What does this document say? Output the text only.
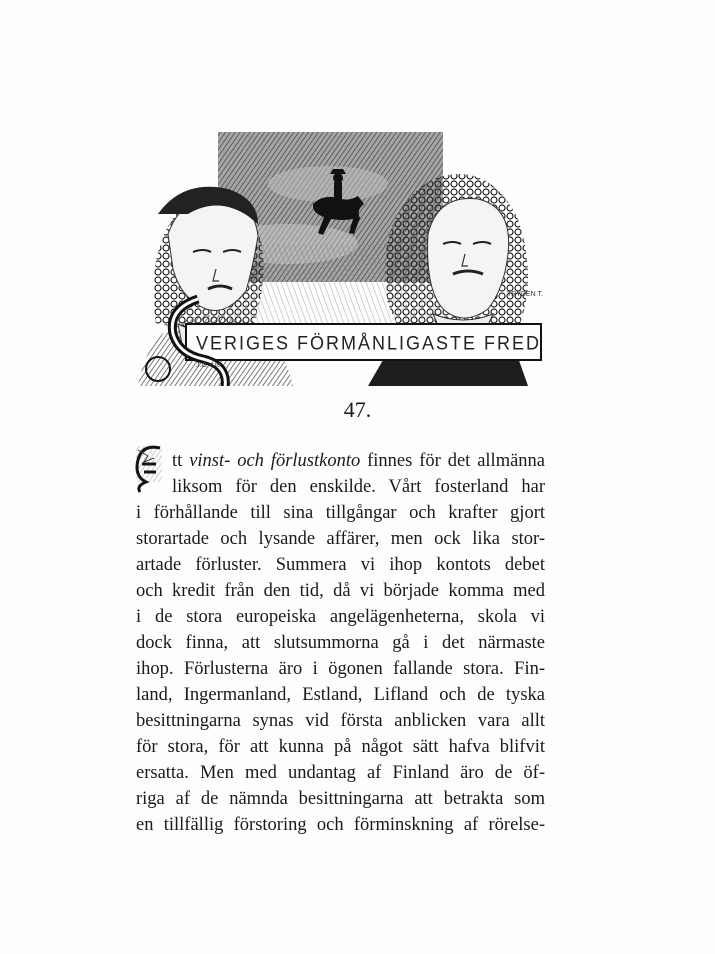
VERIGES FÖRMÅNLIGASTE FRED
J.G.-f.te
TRYDEN T.
47.
tt vinst- och förlustkonto finnes för det allmänna
liksom för den enskilde. Vårt fosterland har
i förhållande till sina tillgångar och krafter gjort
storartade och lysande affärer, men ock lika stor-
artade förluster. Summera vi ihop kontots debet
och kredit från den tid, då vi började komma med
i de stora europeiska angelägenheterna, skola vi
dock finna, att slutsummorna gå i det närmaste
ihop. Förlusterna äro i ögonen fallande stora. Fin-
land, Ingermanland, Estland, Lifland och de tyska
besittningarna synas vid första anblicken vara allt
för stora, för att kunna på något sätt hafva blifvit
ersatta. Men med undantag af Finland äro de öf-
riga af de nämnda besittningarna att betrakta som
en tillfällig förstoring och förminskning af rörelse-
